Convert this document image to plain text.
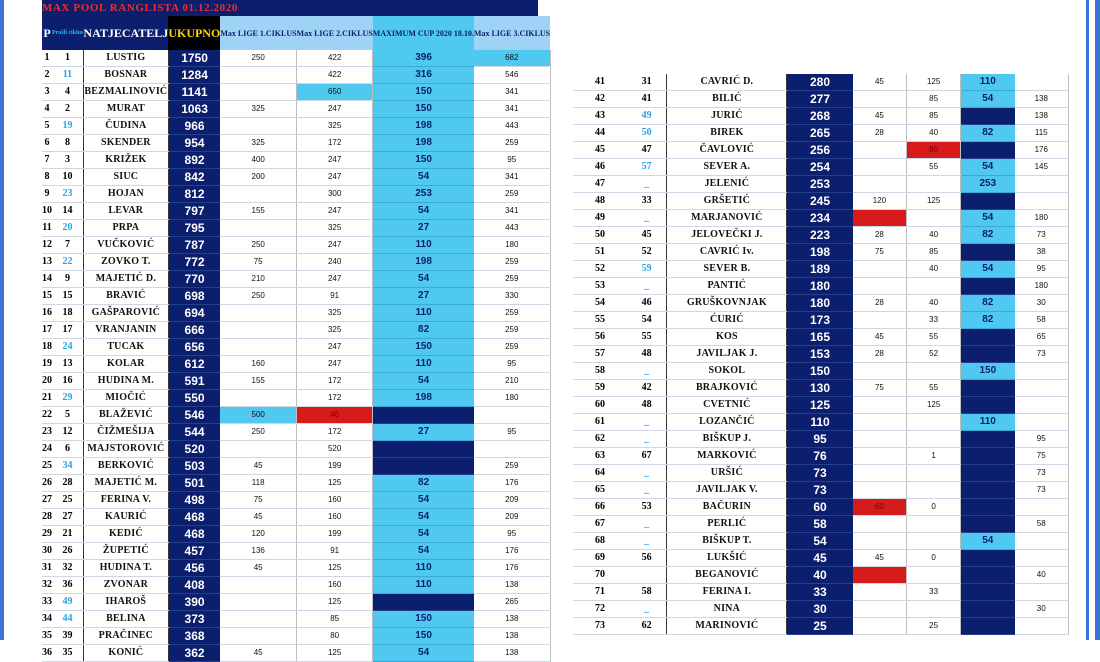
MAX POOL RANGLISTA 01.12.2020
P	Prošli ciklus	NATJECATELJ	UKUPNO	Max LIGE 1.CIKLUS	Max LIGE 2.CIKLUS	MAXIMUM CUP 2020 18.10.	Max LIGE 3.CIKLUS
1	1	LUSTIG	1750	250	422	396	682
2	11	BOSNAR	1284		422	316	546
3	4	BEZMALINOVIĆ	1141		650	150	341
4	2	MURAT	1063	325	247	150	341
5	19	ČUDINA	966		325	198	443
6	8	SKENDER	954	325	172	198	259
7	3	KRIŽEK	892	400	247	150	95
8	10	SIUC	842	200	247	54	341
9	23	HOJAN	812		300	253	259
10	14	LEVAR	797	155	247	54	341
11	20	PRPA	795		325	27	443
12	7	VUČKOVIĆ	787	250	247	110	180
13	22	ZOVKO T.	772	75	240	198	259
14	9	MAJETIĆ D.	770	210	247	54	259
15	15	BRAVIĆ	698	250	91	27	330
16	18	GAŠPAROVIĆ	694		325	110	259
17	17	VRANJANIN	666		325	82	259
18	24	TUCAK	656		247	150	259
19	13	KOLAR	612	160	247	110	95
20	16	HUDINA M.	591	155	172	54	210
21	29	MIOČIĆ	550		172	198	180
22	5	BLAŽEVIĆ	546	500	46		
23	12	ČIŽMEŠIJA	544	250	172	27	95
24	6	MAJSTOROVIĆ	520		520		
25	34	BERKOVIĆ	503	45	199		259
26	28	MAJETIĆ M.	501	118	125	82	176
27	25	FERINA V.	498	75	160	54	209
28	27	KAURIĆ	468	45	160	54	209
29	21	KEDIĆ	468	120	199	54	95
30	26	ŽUPETIĆ	457	136	91	54	176
31	32	HUDINA T.	456	45	125	110	176
32	36	ZVONAR	408		160	110	138
33	49	IHAROŠ	390		125		265
34	44	BELINA	373		85	150	138
35	39	PRAČINEC	368		80	150	138
36	35	KONIĆ	362	45	125	54	138
41	31	CAVRIĆ D.	280	45	125	110	
42	41	BILIĆ	277		85	54	138
43	49	JURIĆ	268	45	85		138
44	50	BIREK	265	28	40	82	115
45	47	ČAVLOVIĆ	256		80		176
46	57	SEVER A.	254		55	54	145
47	_	JELENIĆ	253			253	
48	33	GRŠETIĆ	245	120	125		
49	_	MARJANOVIĆ	234			54	180
50	45	JELOVEČKI J.	223	28	40	82	73
51	52	CAVRIĆ Iv.	198	75	85		38
52	59	SEVER B.	189		40	54	95
53	_	PANTIĆ	180				180
54	46	GRUŠKOVNJAK	180	28	40	82	30
55	54	ĆURIĆ	173		33	82	58
56	55	KOS	165	45	55		65
57	48	JAVILJAK J.	153	28	52		73
58	_	SOKOL	150			150	
59	42	BRAJKOVIĆ	130	75	55		
60	48	CVETNIĆ	125		125		
61	_	LOZANČIĆ	110			110	
62	_	BIŠKUP J.	95				95
63	67	MARKOVIĆ	76		1		75
64	_	URŠIĆ	73				73
65	_	JAVILJAK V.	73				73
66	53	BAČURIN	60	60	0		
67	_	PERLIĆ	58				58
68	_	BIŠKUP T.	54			54	
69	56	LUKŠIĆ	45	45	0		
70		BEGANOVIĆ	40				40
71	58	FERINA I.	33		33		
72	_	NINA	30				30
73	62	MARINOVIĆ	25		25		
